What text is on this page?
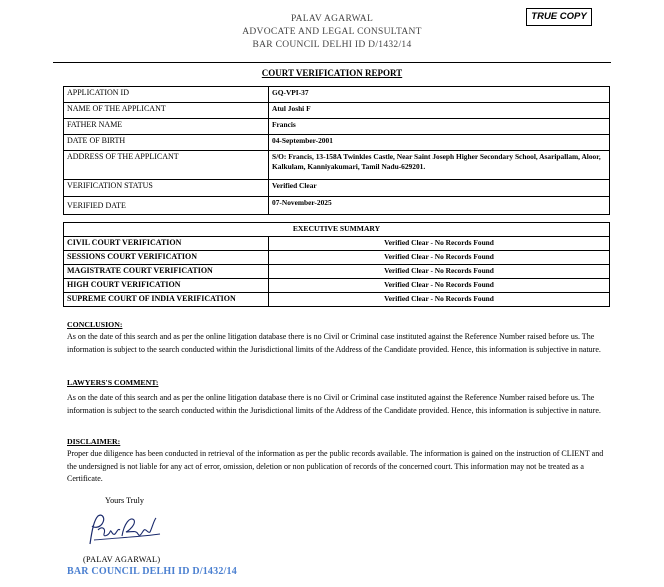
PALAV AGARWAL
ADVOCATE AND LEGAL CONSULTANT
BAR COUNCIL DELHI ID D/1432/14
TRUE COPY
COURT VERIFICATION REPORT
APPLICATION ID	GQ-VPI-37
NAME OF THE APPLICANT	Atul Joshi F
FATHER NAME	Francis
DATE OF BIRTH	04-September-2001
ADDRESS OF THE APPLICANT	S/O: Francis, 13-158A Twinkles Castle, Near Saint Joseph Higher Secondary School, Asaripallam, Aloor, Kalkulam, Kanniyakumari, Tamil Nadu-629201.
VERIFICATION STATUS	Verified Clear
VERIFIED DATE	07-November-2025
EXECUTIVE SUMMARY	
CIVIL COURT VERIFICATION	Verified Clear - No Records Found
SESSIONS COURT VERIFICATION	Verified Clear - No Records Found
MAGISTRATE COURT VERIFICATION	Verified Clear - No Records Found
HIGH COURT VERIFICATION	Verified Clear - No Records Found
SUPREME COURT OF INDIA VERIFICATION	Verified Clear - No Records Found
CONCLUSION:
As on the date of this search and as per the online litigation database there is no Civil or Criminal case instituted against the Reference Number raised before us. The information is subject to the search conducted within the Jurisdictional limits of the Address of the Candidate provided. Hence, this information is subjective in nature.
LAWYERS'S COMMENT:
As on the date of this search and as per the online litigation database there is no Civil or Criminal case instituted against the Reference Number raised before us. The information is subject to the search conducted within the Jurisdictional limits of the Address of the Candidate provided. Hence, this information is subjective in nature.
DISCLAIMER:
Proper due diligence has been conducted in retrieval of the information as per the public records available. The information is gained on the instruction of CLIENT and the undersigned is not liable for any act of error, omission, deletion or non publication of records of the concerned court. This information may not be treated as a Certificate.
Yours Truly
(PALAV AGARWAL)
BAR COUNCIL DELHI ID D/1432/14
